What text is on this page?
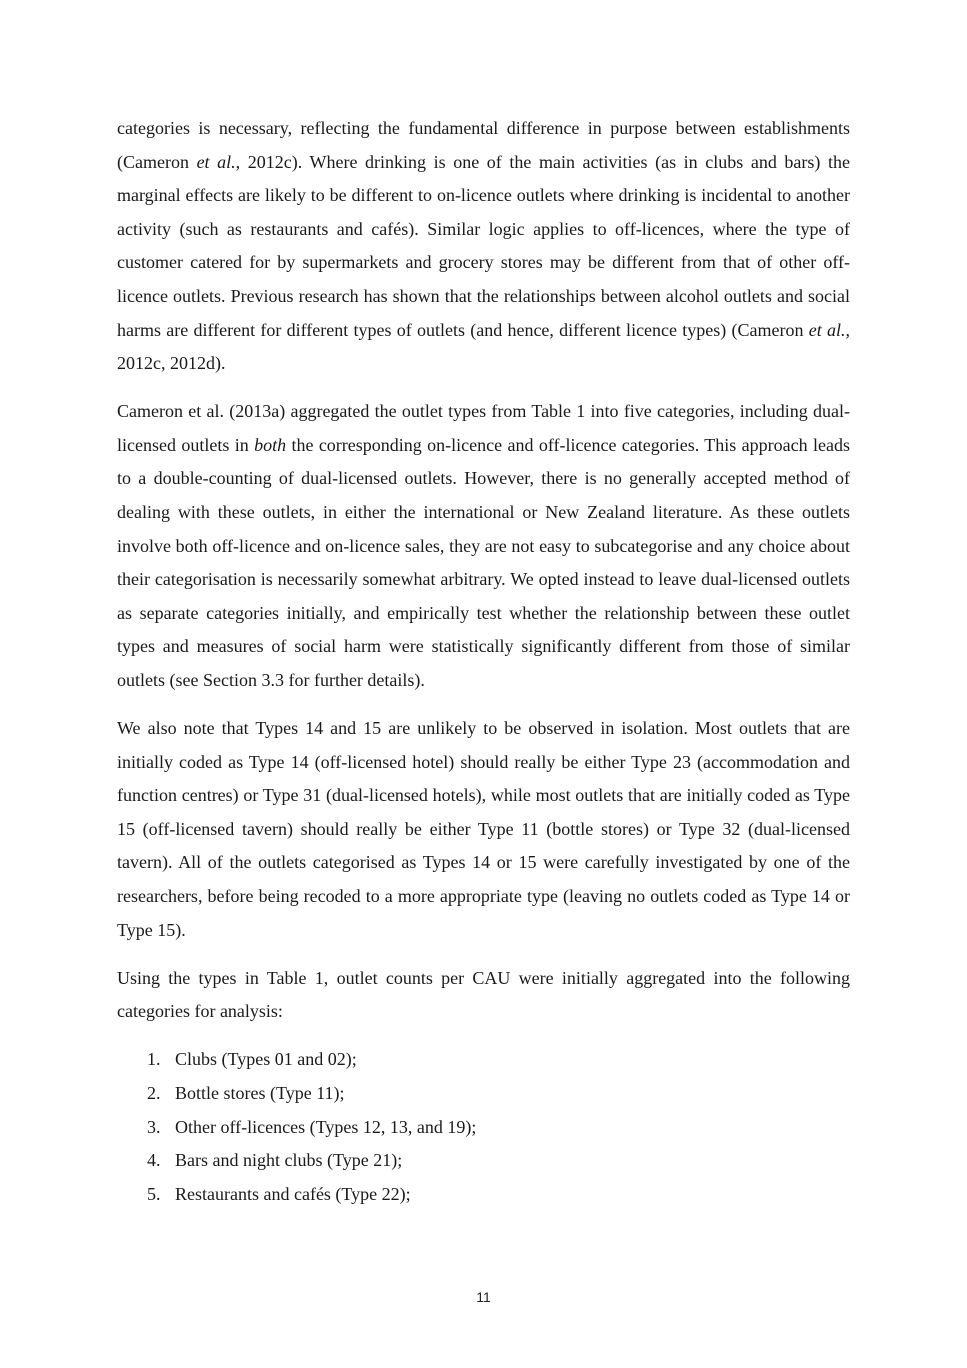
categories is necessary, reflecting the fundamental difference in purpose between establishments (Cameron et al., 2012c). Where drinking is one of the main activities (as in clubs and bars) the marginal effects are likely to be different to on-licence outlets where drinking is incidental to another activity (such as restaurants and cafés). Similar logic applies to off-licences, where the type of customer catered for by supermarkets and grocery stores may be different from that of other off-licence outlets. Previous research has shown that the relationships between alcohol outlets and social harms are different for different types of outlets (and hence, different licence types) (Cameron et al., 2012c, 2012d).

Cameron et al. (2013a) aggregated the outlet types from Table 1 into five categories, including dual-licensed outlets in both the corresponding on-licence and off-licence categories. This approach leads to a double-counting of dual-licensed outlets. However, there is no generally accepted method of dealing with these outlets, in either the international or New Zealand literature. As these outlets involve both off-licence and on-licence sales, they are not easy to subcategorise and any choice about their categorisation is necessarily somewhat arbitrary. We opted instead to leave dual-licensed outlets as separate categories initially, and empirically test whether the relationship between these outlet types and measures of social harm were statistically significantly different from those of similar outlets (see Section 3.3 for further details).

We also note that Types 14 and 15 are unlikely to be observed in isolation. Most outlets that are initially coded as Type 14 (off-licensed hotel) should really be either Type 23 (accommodation and function centres) or Type 31 (dual-licensed hotels), while most outlets that are initially coded as Type 15 (off-licensed tavern) should really be either Type 11 (bottle stores) or Type 32 (dual-licensed tavern). All of the outlets categorised as Types 14 or 15 were carefully investigated by one of the researchers, before being recoded to a more appropriate type (leaving no outlets coded as Type 14 or Type 15).

Using the types in Table 1, outlet counts per CAU were initially aggregated into the following categories for analysis:

1. Clubs (Types 01 and 02);
2. Bottle stores (Type 11);
3. Other off-licences (Types 12, 13, and 19);
4. Bars and night clubs (Type 21);
5. Restaurants and cafés (Type 22);
11
